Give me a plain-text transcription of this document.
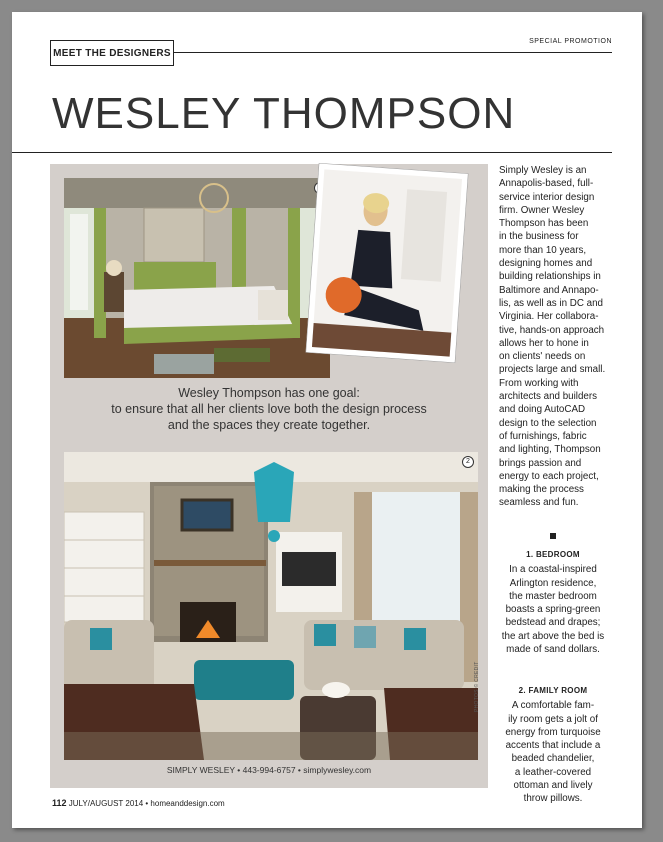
MEET THE DESIGNERS
SPECIAL PROMOTION
WESLEY THOMPSON
Wesley Thompson has one goal:
to ensure that all her clients love both the design process
and the spaces they create together.
2
PHOTOS © CREDIT
SIMPLY WESLEY • 443-994-6757 • simplywesley.com
Simply Wesley is an
Annapolis-based, full-
service interior design
firm. Owner Wesley
Thompson has been
in the business for
more than 10 years,
designing homes and
building relationships in
Baltimore and Annapo-
lis, as well as in DC and
Virginia. Her collabora-
tive, hands-on approach
allows her to hone in
on clients' needs on
projects large and small.
From working with
architects and builders
and doing AutoCAD
design to the selection
of furnishings, fabric
and lighting, Thompson
brings passion and
energy to each project,
making the process
seamless and fun.
1. BEDROOM
In a coastal-inspired
Arlington residence,
the master bedroom
boasts a spring-green
bedstead and drapes;
the art above the bed is
made of sand dollars.
2. FAMILY ROOM
A comfortable fam-
ily room gets a jolt of
energy from turquoise
accents that include a
beaded chandelier,
a leather-covered
ottoman and lively
throw pillows.
112 JULY/AUGUST 2014 • homeanddesign.com
